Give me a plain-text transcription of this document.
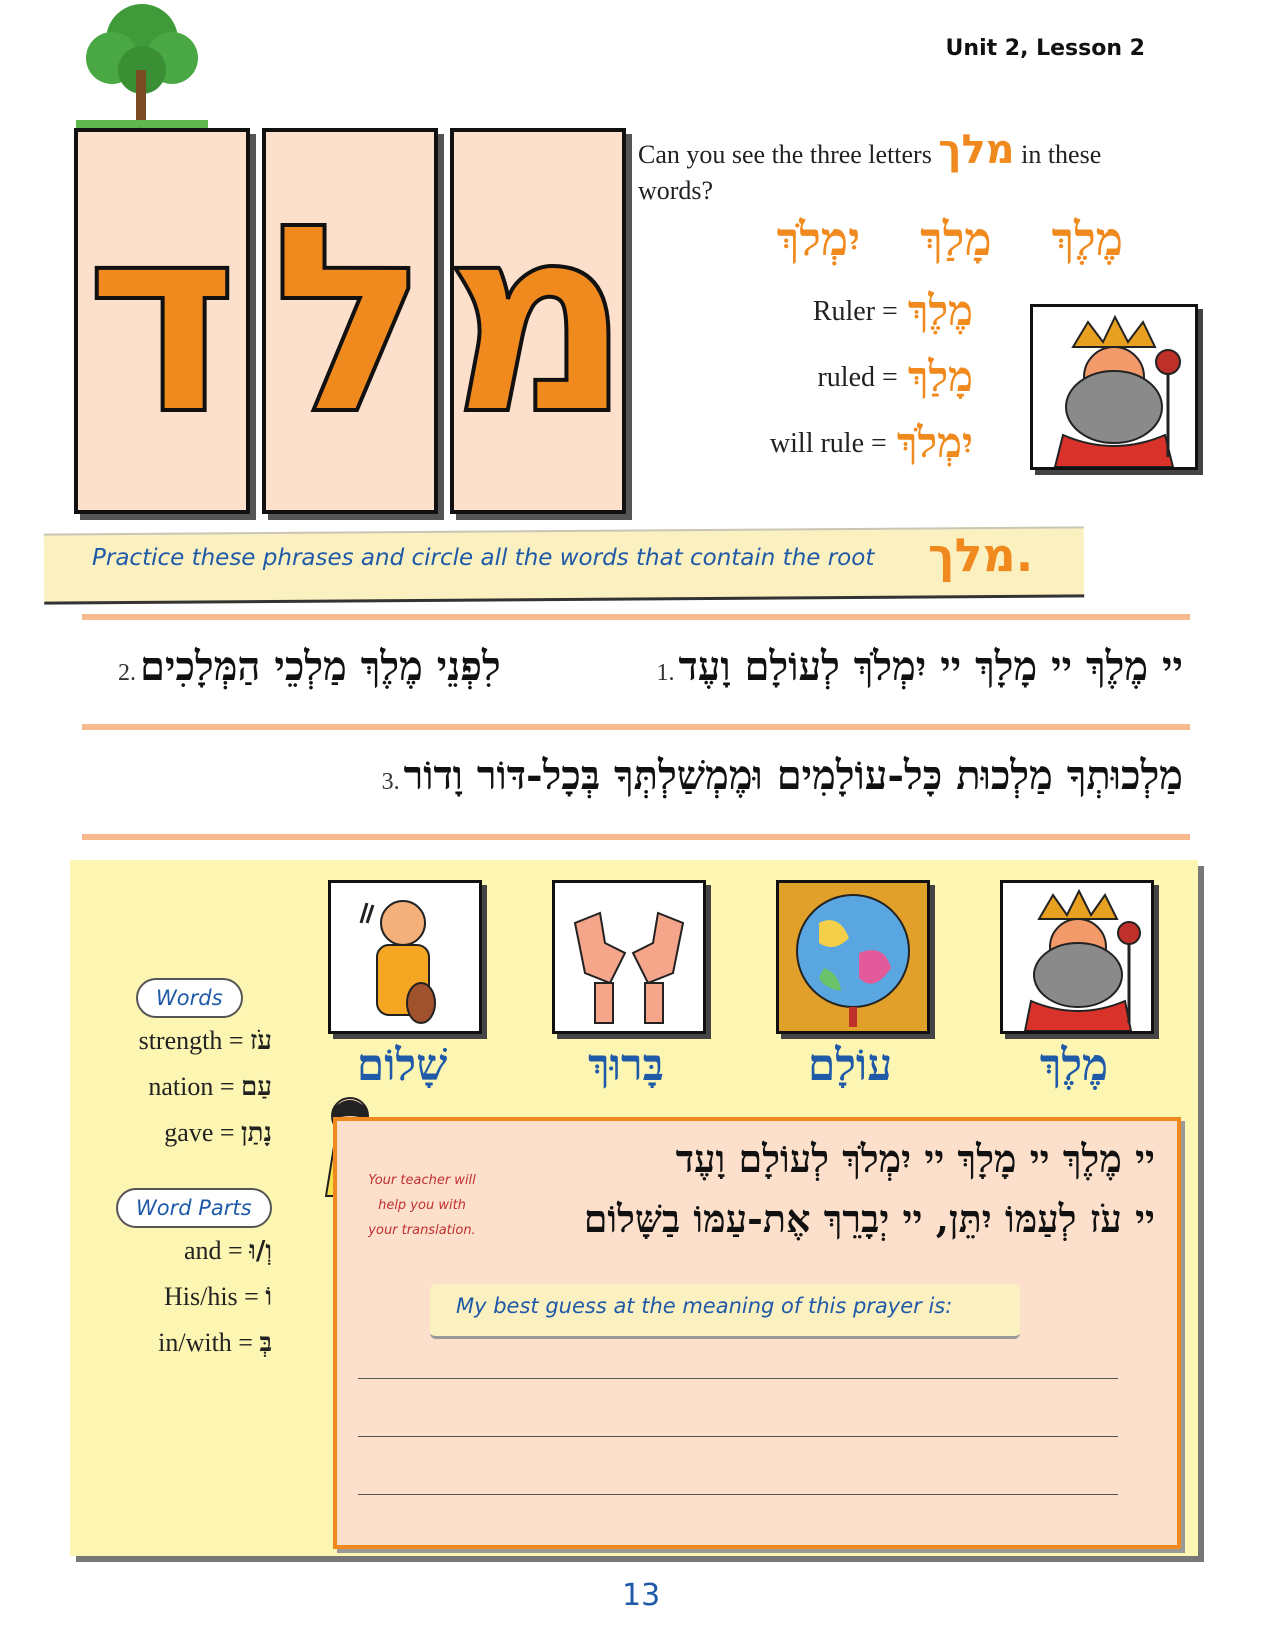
Unit 2, Lesson 2
ד ל מ
Can you see the three letters מלך in these words?
מֶלֶךְ
מָלַךְ
יִמְלֹךְ
Ruler = מֶלֶךְ
ruled = מָלַךְ
will rule = יִמְלֹךְ
Practice these phrases and circle all the words that contain the root מלך.
יי מֶלֶךְ יי מָלָךְ יי יִמְלֹךְ לְעוֹלָם וָעֶד .1
לִפְנֵי מֶלֶךְ מַלְכֵי הַמְּלָכִים .2
מַלְכוּתְךָ מַלְכוּת כָּל-עוֹלָמִים וּמֶמְשַׁלְתְּךָ בְּכָל-דּוֹר וָדוֹר .3
שָׁלוֹם	בָּרוּךְ	עוֹלָם	מֶלֶךְ
Words
strength = עֹז
nation = עַם
gave = נָתַן
Word Parts
and = וְ/וּ
His/his = וֹ
in/with = בְּ
Your teacher will help you with your translation.
יי מֶלֶךְ יי מָלָךְ יי יִמְלֹךְ לְעוֹלָם וָעֶד
יי עֹז לְעַמּוֹ יִתֵּן, יי יְבָרֵךְ אֶת-עַמּוֹ בַשָּׁלוֹם
My best guess at the meaning of this prayer is:
13
